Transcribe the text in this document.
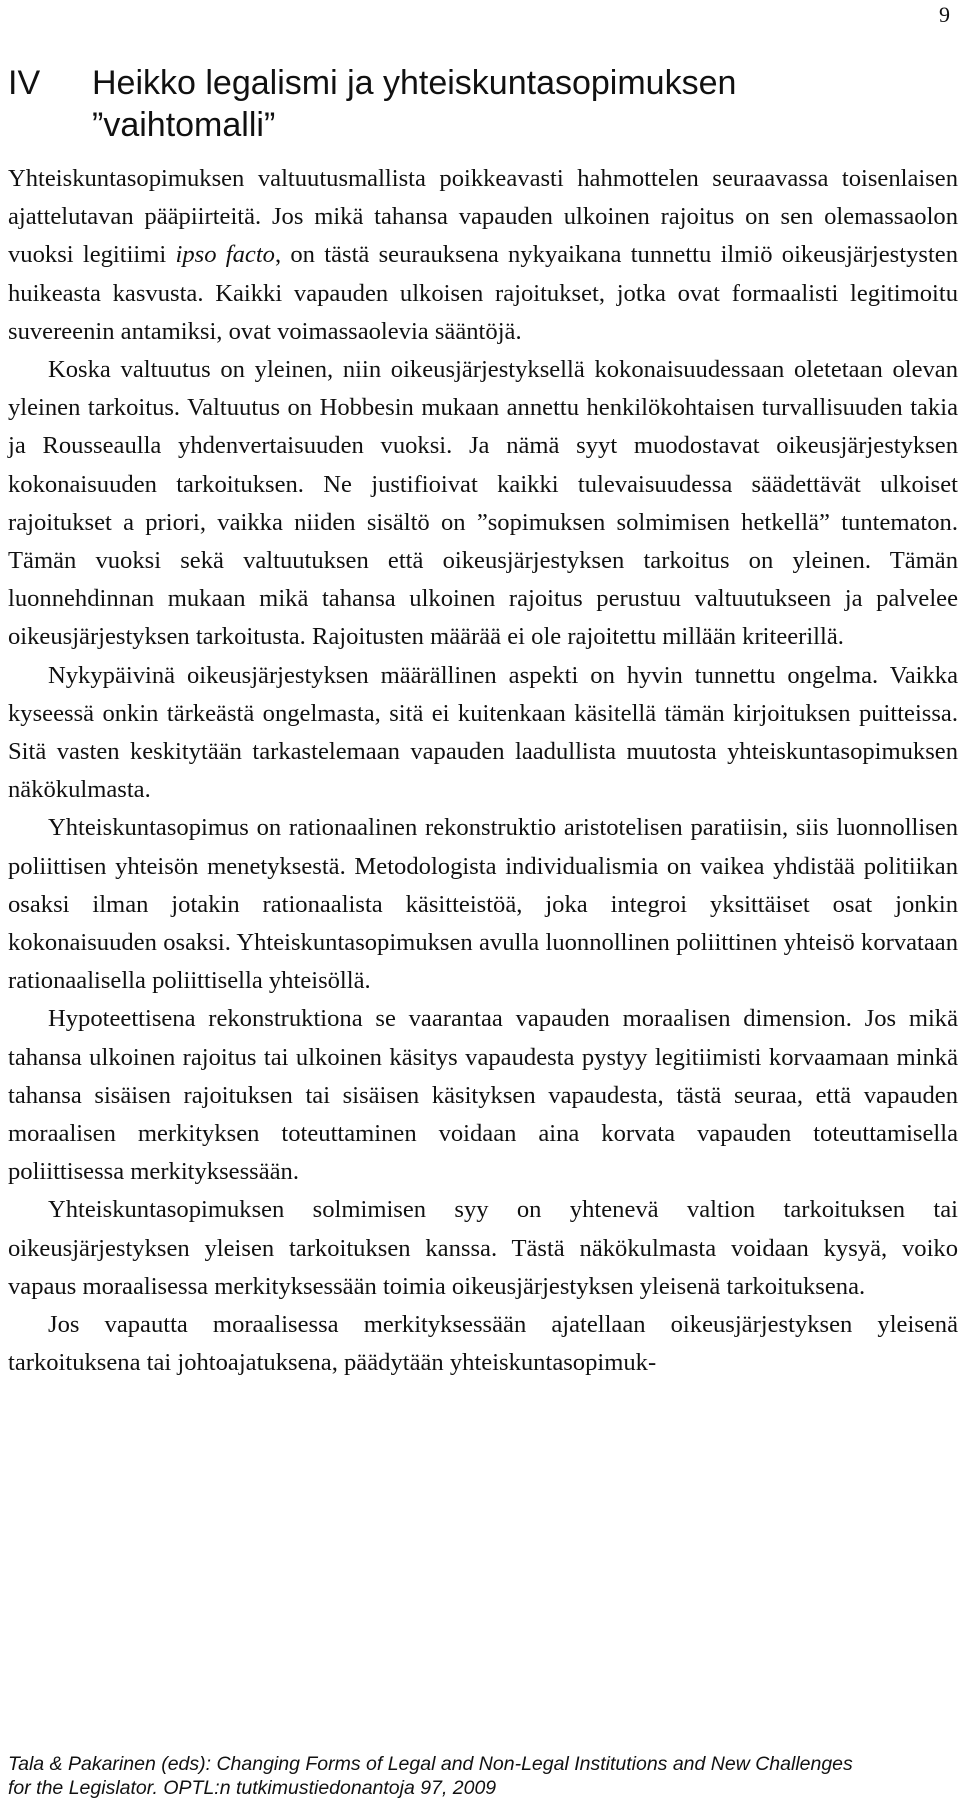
9
IV Heikko legalismi ja yhteiskuntasopimuksen ”vaihtomalli”

Yhteiskuntasopimuksen valtuutusmallista poikkeavasti hahmottelen seuraavassa toisenlaisen ajattelutavan pääpiirteitä. Jos mikä tahansa vapauden ulkoinen rajoitus on sen olemassaolon vuoksi legitiimi ipso facto, on tästä seurauksena nykyaikana tunnettu ilmiö oikeusjärjestysten huikeasta kasvusta. Kaikki vapauden ulkoisen rajoitukset, jotka ovat formaalisti legitimoitu suvereenin antamiksi, ovat voimassaolevia sääntöjä.

Koska valtuutus on yleinen, niin oikeusjärjestyksellä kokonaisuudessaan oletetaan olevan yleinen tarkoitus. Valtuutus on Hobbesin mukaan annettu henkilökohtaisen turvallisuuden takia ja Rousseaulla yhdenvertaisuuden vuoksi. Ja nämä syyt muodostavat oikeusjärjestyksen kokonaisuuden tarkoituksen. Ne justifioivat kaikki tulevaisuudessa säädettävät ulkoiset rajoitukset a priori, vaikka niiden sisältö on ”sopimuksen solmimisen hetkellä” tuntematon. Tämän vuoksi sekä valtuutuksen että oikeusjärjestyksen tarkoitus on yleinen. Tämän luonnehdinnan mukaan mikä tahansa ulkoinen rajoitus perustuu valtuutukseen ja palvelee oikeusjärjestyksen tarkoitusta. Rajoitusten määrää ei ole rajoitettu millään kriteerillä.

Nykypäivinä oikeusjärjestyksen määrällinen aspekti on hyvin tunnettu ongelma. Vaikka kyseessä onkin tärkeästä ongelmasta, sitä ei kuitenkaan käsitellä tämän kirjoituksen puitteissa. Sitä vasten keskitytään tarkastelemaan vapauden laadullista muutosta yhteiskuntasopimuksen näkökulmasta.

Yhteiskuntasopimus on rationaalinen rekonstruktio aristotelisen paratiisin, siis luonnollisen poliittisen yhteisön menetyksestä. Metodologista individualismia on vaikea yhdistää politiikan osaksi ilman jotakin rationaalista käsitteistöä, joka integroi yksittäiset osat jonkin kokonaisuuden osaksi. Yhteiskuntasopimuksen avulla luonnollinen poliittinen yhteisö korvataan rationaalisella poliittisella yhteisöllä.

Hypoteettisena rekonstruktiona se vaarantaa vapauden moraalisen dimension. Jos mikä tahansa ulkoinen rajoitus tai ulkoinen käsitys vapaudesta pystyy legitiimisti korvaamaan minkä tahansa sisäisen rajoituksen tai sisäisen käsityksen vapaudesta, tästä seuraa, että vapauden moraalisen merkityksen toteuttaminen voidaan aina korvata vapauden toteuttamisella poliittisessa merkityksessään.

Yhteiskuntasopimuksen solmimisen syy on yhtenevä valtion tarkoituksen tai oikeusjärjestyksen yleisen tarkoituksen kanssa. Tästä näkökulmasta voidaan kysyä, voiko vapaus moraalisessa merkityksessään toimia oikeusjärjestyksen yleisenä tarkoituksena.

Jos vapautta moraalisessa merkityksessään ajatellaan oikeusjärjestyksen yleisenä tarkoituksena tai johtoajatuksena, päädytään yhteiskuntasopimuk-

Tala & Pakarinen (eds): Changing Forms of Legal and Non-Legal Institutions and New Challenges
for the Legislator. OPTL:n tutkimustiedonantoja 97, 2009
